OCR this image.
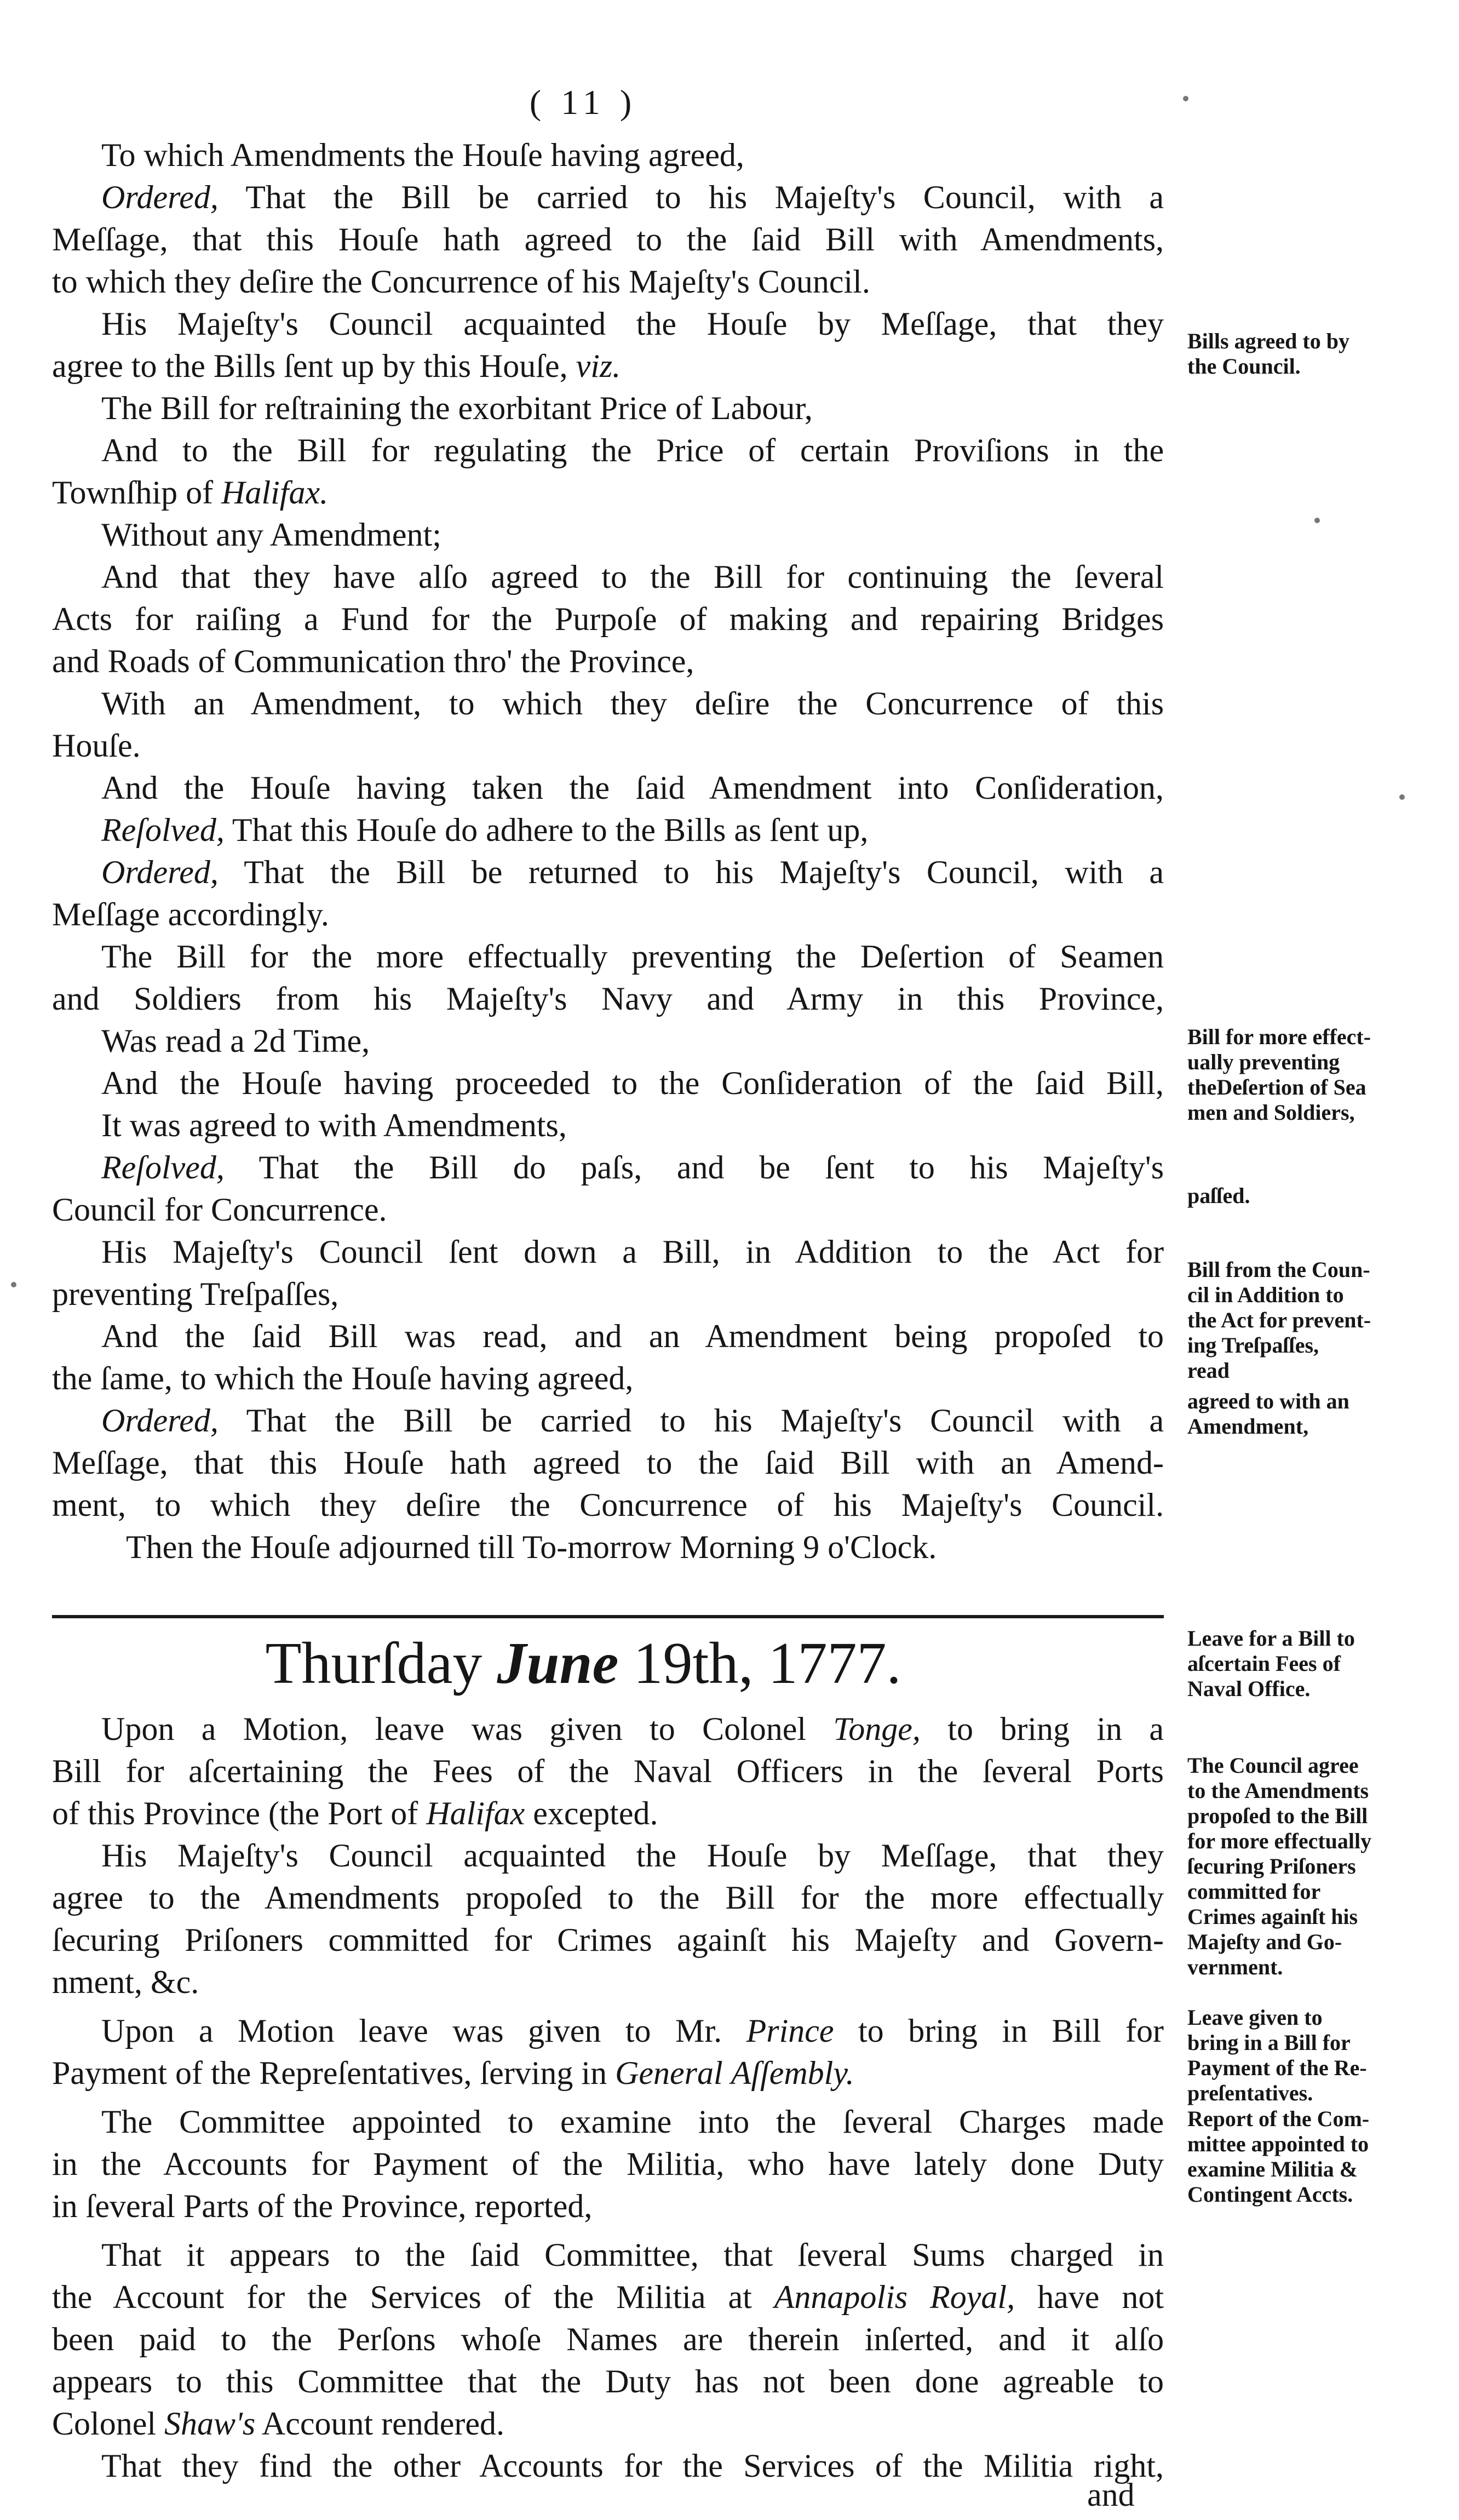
( 11 )
To which Amendments the Houſe having agreed,
Ordered, That the Bill be carried to his Majeſty's Council, with a
Meſſage, that this Houſe hath agreed to the ſaid Bill with Amendments,
to which they deſire the Concurrence of his Majeſty's Council.
His Majeſty's Council acquainted the Houſe by Meſſage, that they
agree to the Bills ſent up by this Houſe, viz.
The Bill for reſtraining the exorbitant Price of Labour,
And to the Bill for regulating the Price of certain Proviſions in the
Townſhip of Halifax.
Without any Amendment;
And that they have alſo agreed to the Bill for continuing the ſeveral
Acts for raiſing a Fund for the Purpoſe of making and repairing Bridges
and Roads of Communication thro' the Province,
With an Amendment, to which they deſire the Concurrence of this
Houſe.
And the Houſe having taken the ſaid Amendment into Conſideration,
Reſolved, That this Houſe do adhere to the Bills as ſent up,
Ordered, That the Bill be returned to his Majeſty's Council, with a
Meſſage accordingly.
The Bill for the more effectually preventing the Deſertion of Seamen
and Soldiers from his Majeſty's Navy and Army in this Province,
Was read a 2d Time,
And the Houſe having proceeded to the Conſideration of the ſaid Bill,
It was agreed to with Amendments,
Reſolved, That the Bill do paſs, and be ſent to his Majeſty's
Council for Concurrence.
His Majeſty's Council ſent down a Bill, in Addition to the Act for
preventing Treſpaſſes,
And the ſaid Bill was read, and an Amendment being propoſed to
the ſame, to which the Houſe having agreed,
Ordered, That the Bill be carried to his Majeſty's Council with a
Meſſage, that this Houſe hath agreed to the ſaid Bill with an Amend-
ment, to which they deſire the Concurrence of his Majeſty's Council.
Then the Houſe adjourned till To-morrow Morning 9 o'Clock.
Thurſday June 19th, 1777.
Upon a Motion, leave was given to Colonel Tonge, to bring in a
Bill for aſcertaining the Fees of the Naval Officers in the ſeveral Ports
of this Province (the Port of Halifax excepted.
His Majeſty's Council acquainted the Houſe by Meſſage, that they
agree to the Amendments propoſed to the Bill for the more effectually
ſecuring Priſoners committed for Crimes againſt his Majeſty and Govern-
nment, &c.
Upon a Motion leave was given to Mr. Prince to bring in Bill for
Payment of the Repreſentatives, ſerving in General Aſſembly.
The Committee appointed to examine into the ſeveral Charges made
in the Accounts for Payment of the Militia, who have lately done Duty
in ſeveral Parts of the Province, reported,
That it appears to the ſaid Committee, that ſeveral Sums charged in
the Account for the Services of the Militia at Annapolis Royal, have not
been paid to the Perſons whoſe Names are therein inſerted, and it alſo
appears to this Committee that the Duty has not been done agreable to
Colonel Shaw's Account rendered.
That they find the other Accounts for the Services of the Militia right,
and
Bills agreed to by
the Council.
Bill for more effect-
ually preventing
theDeſertion of Sea
men and Soldiers,
paſſed.
Bill from the Coun-
cil in Addition to
the Act for prevent-
ing Treſpaſſes,
read
agreed to with an
Amendment,
Leave for a Bill to
aſcertain Fees of
Naval Office.
The Council agree
to the Amendments
propoſed to the Bill
for more effectually
ſecuring Priſoners
committed for
Crimes againſt his
Majeſty and Go-
vernment.
Leave given to
bring in a Bill for
Payment of the Re-
preſentatives.
Report of the Com-
mittee appointed to
examine Militia &
Contingent Accts.
